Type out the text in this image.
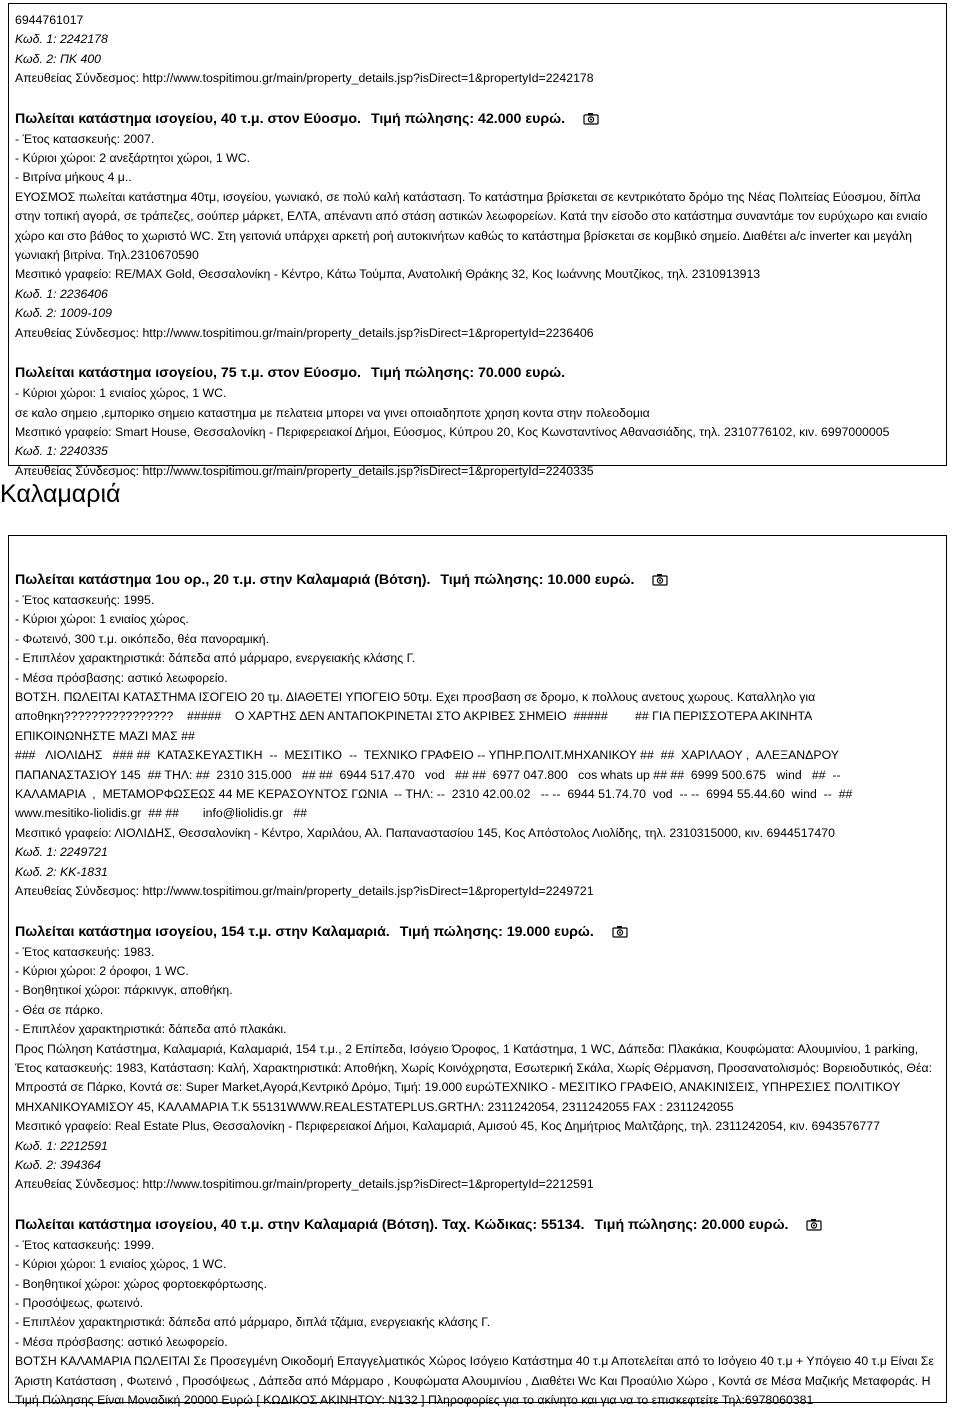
6944761017
Κωδ. 1: 2242178
Κωδ. 2: ΠΚ 400
Απευθείας Σύνδεσμος: http://www.tospitimou.gr/main/property_details.jsp?isDirect=1&propertyId=2242178
Πωλείται κατάστημα ισογείου, 40 τ.μ. στον Εύοσμο. Τιμή πώλησης: 42.000 ευρώ.
- Έτος κατασκευής: 2007.
- Κύριοι χώροι: 2 ανεξάρτητοι χώροι, 1 WC.
- Βιτρίνα μήκους 4 μ..
ΕΥΟΣΜΟΣ πωλείται κατάστημα 40τμ, ισογείου, γωνιακό, σε πολύ καλή κατάσταση. Το κατάστημα βρίσκεται σε κεντρικότατο δρόμο της Νέας Πολιτείας Εύοσμου, δίπλα στην τοπική αγορά, σε τράπεζες, σούπερ μάρκετ, ΕΛΤΑ, απέναντι από στάση αστικών λεωφορείων. Κατά την είσοδο στο κατάστημα συναντάμε τον ευρύχωρο και ενιαίο χώρο και στο βάθος το χωριστό WC. Στη γειτονιά υπάρχει αρκετή ροή αυτοκινήτων καθώς το κατάστημα βρίσκεται σε κομβικό σημείο. Διαθέτει a/c inverter και μεγάλη γωνιακή βιτρίνα. Τηλ.2310670590
Μεσιτικό γραφείο: RE/MAX Gold, Θεσσαλονίκη - Κέντρο, Κάτω Τούμπα, Ανατολική Θράκης 32, Κος Ιωάννης Μουτζίκος, τηλ. 2310913913
Κωδ. 1: 2236406
Κωδ. 2: 1009-109
Απευθείας Σύνδεσμος: http://www.tospitimou.gr/main/property_details.jsp?isDirect=1&propertyId=2236406
Πωλείται κατάστημα ισογείου, 75 τ.μ. στον Εύοσμο. Τιμή πώλησης: 70.000 ευρώ.
- Κύριοι χώροι: 1 ενιαίος χώρος, 1 WC.
σε καλο σημειο ,εμπορικο σημειο καταστημα με πελατεια μπορει να γινει οποιαδηποτε χρηση κοντα στην πολεοδομια
Μεσιτικό γραφείο: Smart House, Θεσσαλονίκη - Περιφερειακοί Δήμοι, Εύοσμος, Κύπρου 20, Κος Κωνσταντίνος Αθανασιάδης, τηλ. 2310776102, κιν. 6997000005
Κωδ. 1: 2240335
Απευθείας Σύνδεσμος: http://www.tospitimou.gr/main/property_details.jsp?isDirect=1&propertyId=2240335
Καλαμαριά
Πωλείται κατάστημα 1ου ορ., 20 τ.μ. στην Καλαμαριά (Βότση). Τιμή πώλησης: 10.000 ευρώ.
- Έτος κατασκευής: 1995.
- Κύριοι χώροι: 1 ενιαίος χώρος.
- Φωτεινό, 300 τ.μ. οικόπεδο, θέα πανοραμική.
- Επιπλέον χαρακτηριστικά: δάπεδα από μάρμαρο, ενεργειακής κλάσης Γ.
- Μέσα πρόσβασης: αστικό λεωφορείο.
ΒΟΤΣΗ. ΠΩΛΕΙΤΑΙ ΚΑΤΑΣΤΗΜΑ ΙΣΟΓΕΙΟ 20 τμ. ΔΙΑΘΕΤΕΙ ΥΠΟΓΕΙΟ 50τμ. Εχει προσβαση σε δρομο, κ πολλους ανετους χωρους. Καταλληλο για
αποθηκη????????????????    #####    Ο ΧΑΡΤΗΣ ΔΕΝ ΑΝΤΑΠΟΚΡΙΝΕΤΑΙ ΣΤΟ ΑΚΡΙΒΕΣ ΣΗΜΕΙΟ  #####        ## ΓΙΑ ΠΕΡΙΣΣΟΤΕΡΑ ΑΚΙΝΗΤΑ
ΕΠΙΚΟΙΝΩΝΗΣΤΕ ΜΑΖΙ ΜΑΣ ##
###   ΛΙΟΛΙΔΗΣ   ### ##  ΚΑΤΑΣΚΕΥΑΣΤΙΚΗ  --  ΜΕΣΙΤΙΚΟ  --  ΤΕΧΝΙΚΟ ΓΡΑΦΕΙΟ -- ΥΠΗΡ.ΠΟΛΙΤ.ΜΗΧΑΝΙΚΟΥ ##  ##  ΧΑΡΙΛΑΟΥ ,  ΑΛΕΞΑΝΔΡΟΥ
ΠΑΠΑΝΑΣΤΑΣΙΟΥ 145  ## ΤΗΛ: ##  2310 315.000   ## ##  6944 517.470   vod   ## ##  6977 047.800   cos whats up ## ##  6999 500.675   wind   ##  --
ΚΑΛΑΜΑΡΙΑ  ,  ΜΕΤΑΜΟΡΦΩΣΕΩΣ 44 ΜΕ ΚΕΡΑΣΟΥΝΤΟΣ ΓΩΝΙΑ  -- ΤΗΛ: --  2310 42.00.02   -- --  6944 51.74.70  vod  -- --  6994 55.44.60  wind  --  ##
www.mesitiko-liolidis.gr  ## ##       info@liolidis.gr   ##
Μεσιτικό γραφείο: ΛΙΟΛΙΔΗΣ, Θεσσαλονίκη - Κέντρο, Χαριλάου, Αλ. Παπαναστασίου 145, Κος Απόστολος Λιολίδης, τηλ. 2310315000, κιν. 6944517470
Κωδ. 1: 2249721
Κωδ. 2: KK-1831
Απευθείας Σύνδεσμος: http://www.tospitimou.gr/main/property_details.jsp?isDirect=1&propertyId=2249721
Πωλείται κατάστημα ισογείου, 154 τ.μ. στην Καλαμαριά. Τιμή πώλησης: 19.000 ευρώ.
- Έτος κατασκευής: 1983.
- Κύριοι χώροι: 2 όροφοι, 1 WC.
- Βοηθητικοί χώροι: πάρκινγκ, αποθήκη.
- Θέα σε πάρκο.
- Επιπλέον χαρακτηριστικά: δάπεδα από πλακάκι.
Προς Πώληση Κατάστημα, Καλαμαριά, Καλαμαριά, 154 τ.μ., 2 Επίπεδα, Ισόγειο Όροφος, 1 Κατάστημα, 1 WC, Δάπεδα: Πλακάκια, Κουφώματα: Αλουμινίου, 1 parking, Έτος κατασκευής: 1983, Κατάσταση: Καλή, Χαρακτηριστικά: Αποθήκη, Χωρίς Κοινόχρηστα, Εσωτερική Σκάλα, Χωρίς Θέρμανση, Προσανατολισμός: Βορειοδυτικός, Θέα: Μπροστά σε Πάρκο, Κοντά σε: Super Market,Αγορά,Κεντρικό Δρόμο, Τιμή: 19.000 ευρώΤΕΧΝΙΚΟ - ΜΕΣΙΤΙΚΟ ΓΡΑΦΕΙΟ, ΑΝΑΚΙΝΙΣΕΙΣ, ΥΠΗΡΕΣΙΕΣ ΠΟΛΙΤΙΚΟΥ ΜΗΧΑΝΙΚΟΥΑΜΙΣΟΥ 45, ΚΑΛΑΜΑΡΙΑ Τ.Κ 55131WWW.REALESTATEPLUS.GRTHΛ: 2311242054, 2311242055 FAX : 2311242055
Μεσιτικό γραφείο: Real Estate Plus, Θεσσαλονίκη - Περιφερειακοί Δήμοι, Καλαμαριά, Αμισού 45, Κος Δημήτριος Μαλτζάρης, τηλ. 2311242054, κιν. 6943576777
Κωδ. 1: 2212591
Κωδ. 2: 394364
Απευθείας Σύνδεσμος: http://www.tospitimou.gr/main/property_details.jsp?isDirect=1&propertyId=2212591
Πωλείται κατάστημα ισογείου, 40 τ.μ. στην Καλαμαριά (Βότση). Ταχ. Κώδικας: 55134. Τιμή πώλησης: 20.000 ευρώ.
- Έτος κατασκευής: 1999.
- Κύριοι χώροι: 1 ενιαίος χώρος, 1 WC.
- Βοηθητικοί χώροι: χώρος φορτοεκφόρτωσης.
- Προσόψεως, φωτεινό.
- Επιπλέον χαρακτηριστικά: δάπεδα από μάρμαρο, διπλά τζάμια, ενεργειακής κλάσης Γ.
- Μέσα πρόσβασης: αστικό λεωφορείο.
ΒΟΤΣΗ ΚΑΛΑΜΑΡΙΑ ΠΩΛΕΙΤΑΙ Σε Προσεγμένη Οικοδομή Επαγγελματικός Χώρος Ισόγειο Κατάστημα 40 τ.μ Αποτελείται από το Ισόγειο 40 τ.μ + Υπόγειο 40 τ.μ Είναι Σε Άριστη Κατάσταση , Φωτεινό , Προσόψεως , Δάπεδα από Μάρμαρο , Κουφώματα Αλουμινίου , Διαθέτει Wc Και Προαύλιο Χώρο , Κοντά σε Μέσα Μαζικής Μεταφοράς. Η Τιμή Πώλησης Είναι Μοναδική 20000 Ευρώ [ ΚΩΔΙΚΟΣ ΑΚΙΝΗΤΟΥ: Ν132 ] Πληροφορίες για το ακίνητο και για να το επισκεφτείτε Τηλ:6978060381
